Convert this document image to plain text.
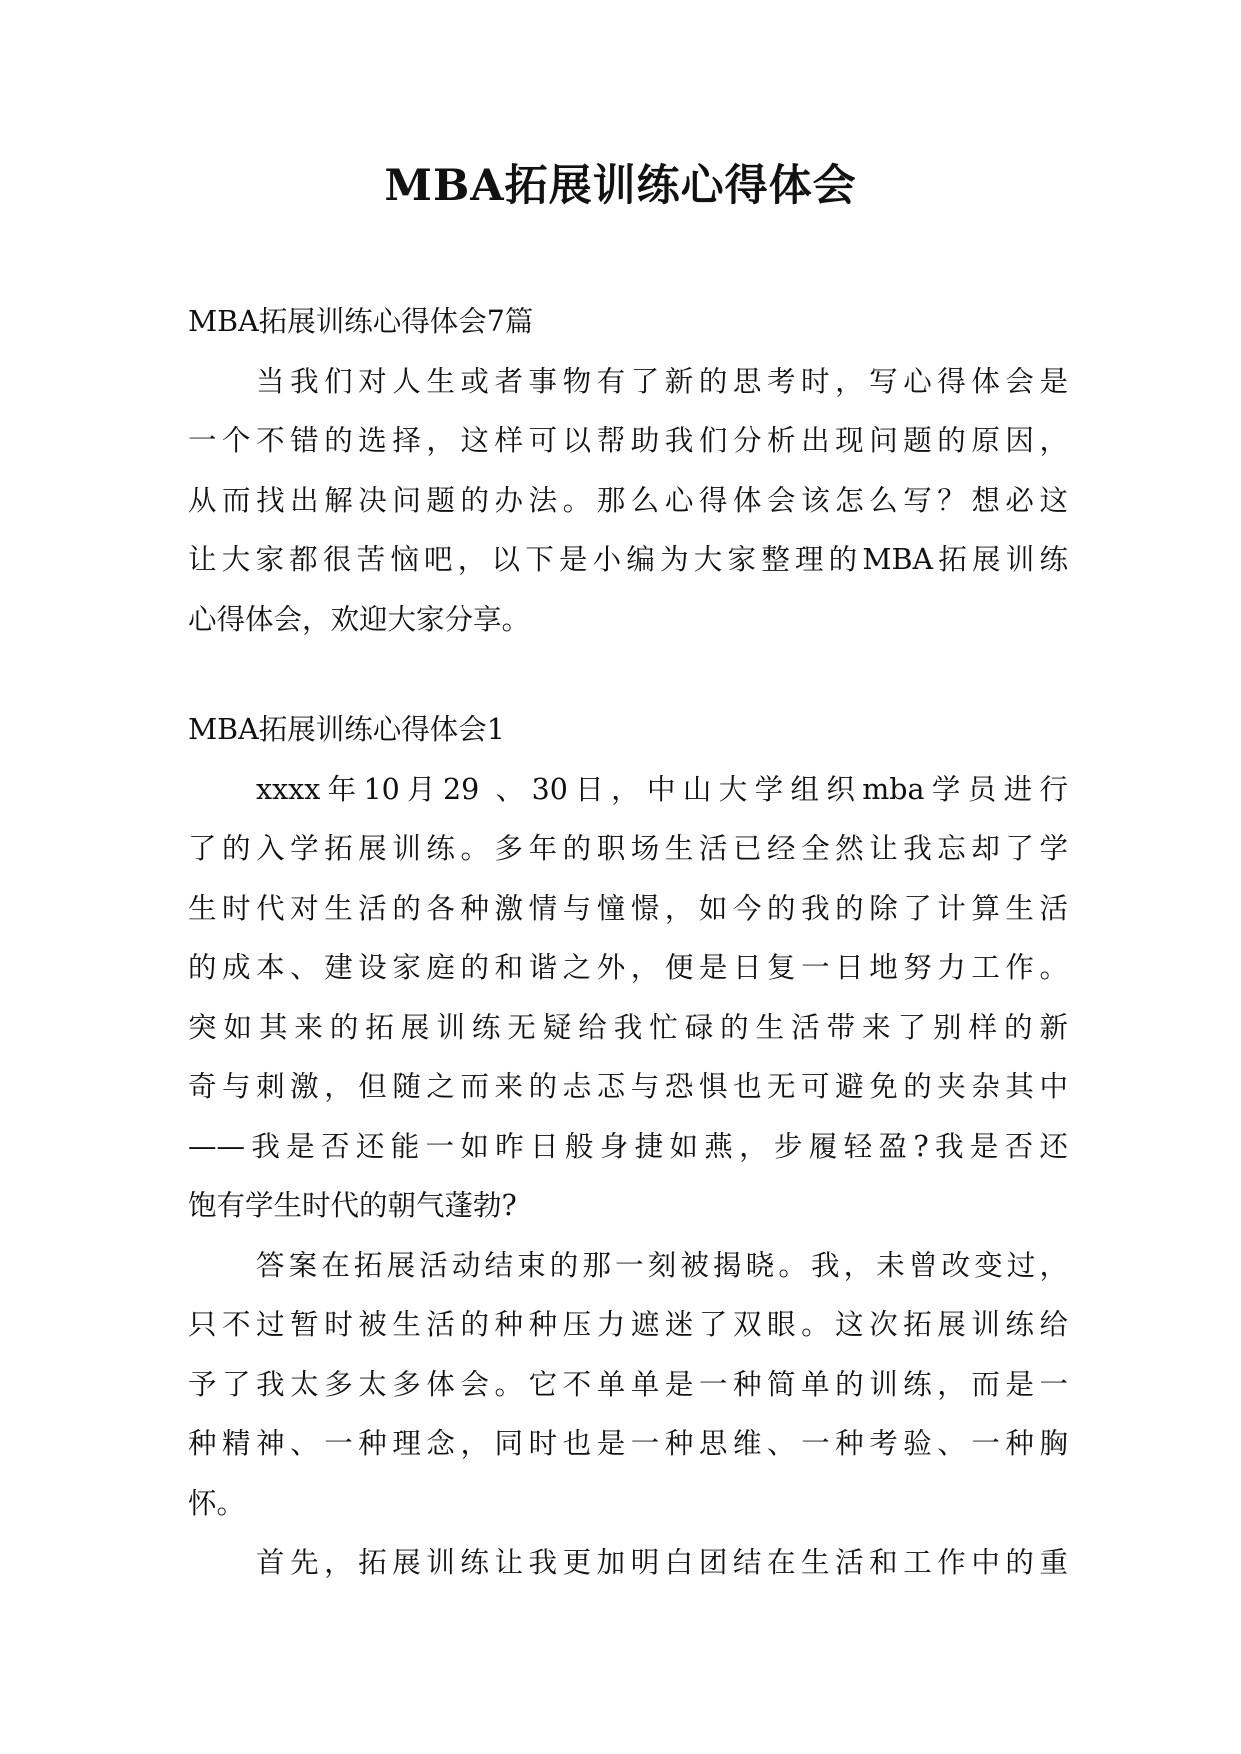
MBA拓展训练心得体会
MBA拓展训练心得体会7篇
当我们对人生或者事物有了新的思考时，写心得体会是
一个不错的选择，这样可以帮助我们分析出现问题的原因，
从而找出解决问题的办法。那么心得体会该怎么写？想必这
让大家都很苦恼吧，以下是小编为大家整理的MBA拓展训练
心得体会，欢迎大家分享。
MBA拓展训练心得体会1
xxxx年10月29 、30日，中山大学组织mba学员进行
了的入学拓展训练。多年的职场生活已经全然让我忘却了学
生时代对生活的各种激情与憧憬，如今的我的除了计算生活
的成本、建设家庭的和谐之外，便是日复一日地努力工作。
突如其来的拓展训练无疑给我忙碌的生活带来了别样的新
奇与刺激，但随之而来的忐忑与恐惧也无可避免的夹杂其中
——我是否还能一如昨日般身捷如燕，步履轻盈?我是否还
饱有学生时代的朝气蓬勃?
答案在拓展活动结束的那一刻被揭晓。我，未曾改变过，
只不过暂时被生活的种种压力遮迷了双眼。这次拓展训练给
予了我太多太多体会。它不单单是一种简单的训练，而是一
种精神、一种理念，同时也是一种思维、一种考验、一种胸
怀。
首先，拓展训练让我更加明白团结在生活和工作中的重
